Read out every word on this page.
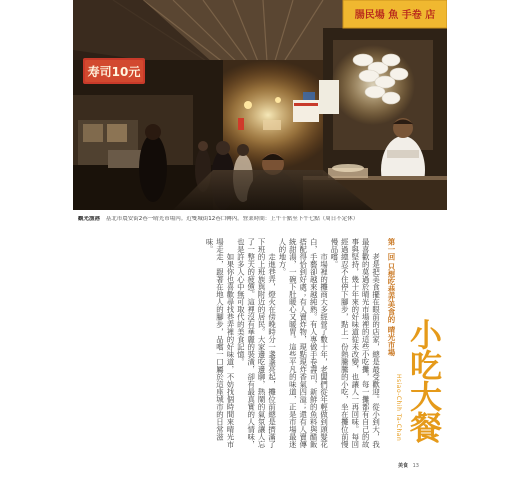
寿司10元
腸民場 魚 手卷 店
觀光漁港 基北市農安街2巷一晴光市場內。近雙城街12巷口轉內。營業時間：上午十點至下午七點（周日不定休）

第一回 只想吃巷弄美食的 晴光市場

老是把美食擺在眼前的店家，總是最受歡迎。從小到大，我最喜歡的莫過於晴光市場裡的這些小吃攤，每一攤都有自己的故事與堅持，幾十年來的好味道從未改變，也讓人一再回味。每回經過總忍不住停下腳步，點上一份熱騰騰的小吃，坐在攤位前慢慢品嚐。

市場裡的攤商大多經營了數十年，老闆們從年輕做到頭髮花白，手藝卻越來越純熟。有人專做手卷壽司，新鮮的魚料與醋飯搭配得恰到好處；有人賣炸物，現點現炸香氣四溢；還有人賣傳統甜湯，一碗下肚暖心又暖胃。這些平凡的味道，正是市場最迷人的地方。

走進巷弄，燈火在傍晚時分一盞盞亮起，攤位前總是擠滿了下班的上班族與附近的居民。大家邊吃邊聊，熱鬧的氣氛讓人忘了一整天的疲憊。這裡沒有華麗的裝潢，卻有最真實的人情味，也是許多人心中無可取代的美食記憶。

如果你也喜歡尋找巷弄裡的好味道，不妨找個時間來晴光市場走走，跟著在地人的腳步，品嚐一口屬於這座城市的日常滋味。

Hsiao-Chih Ta-Chan 小吃大餐
美食 13
